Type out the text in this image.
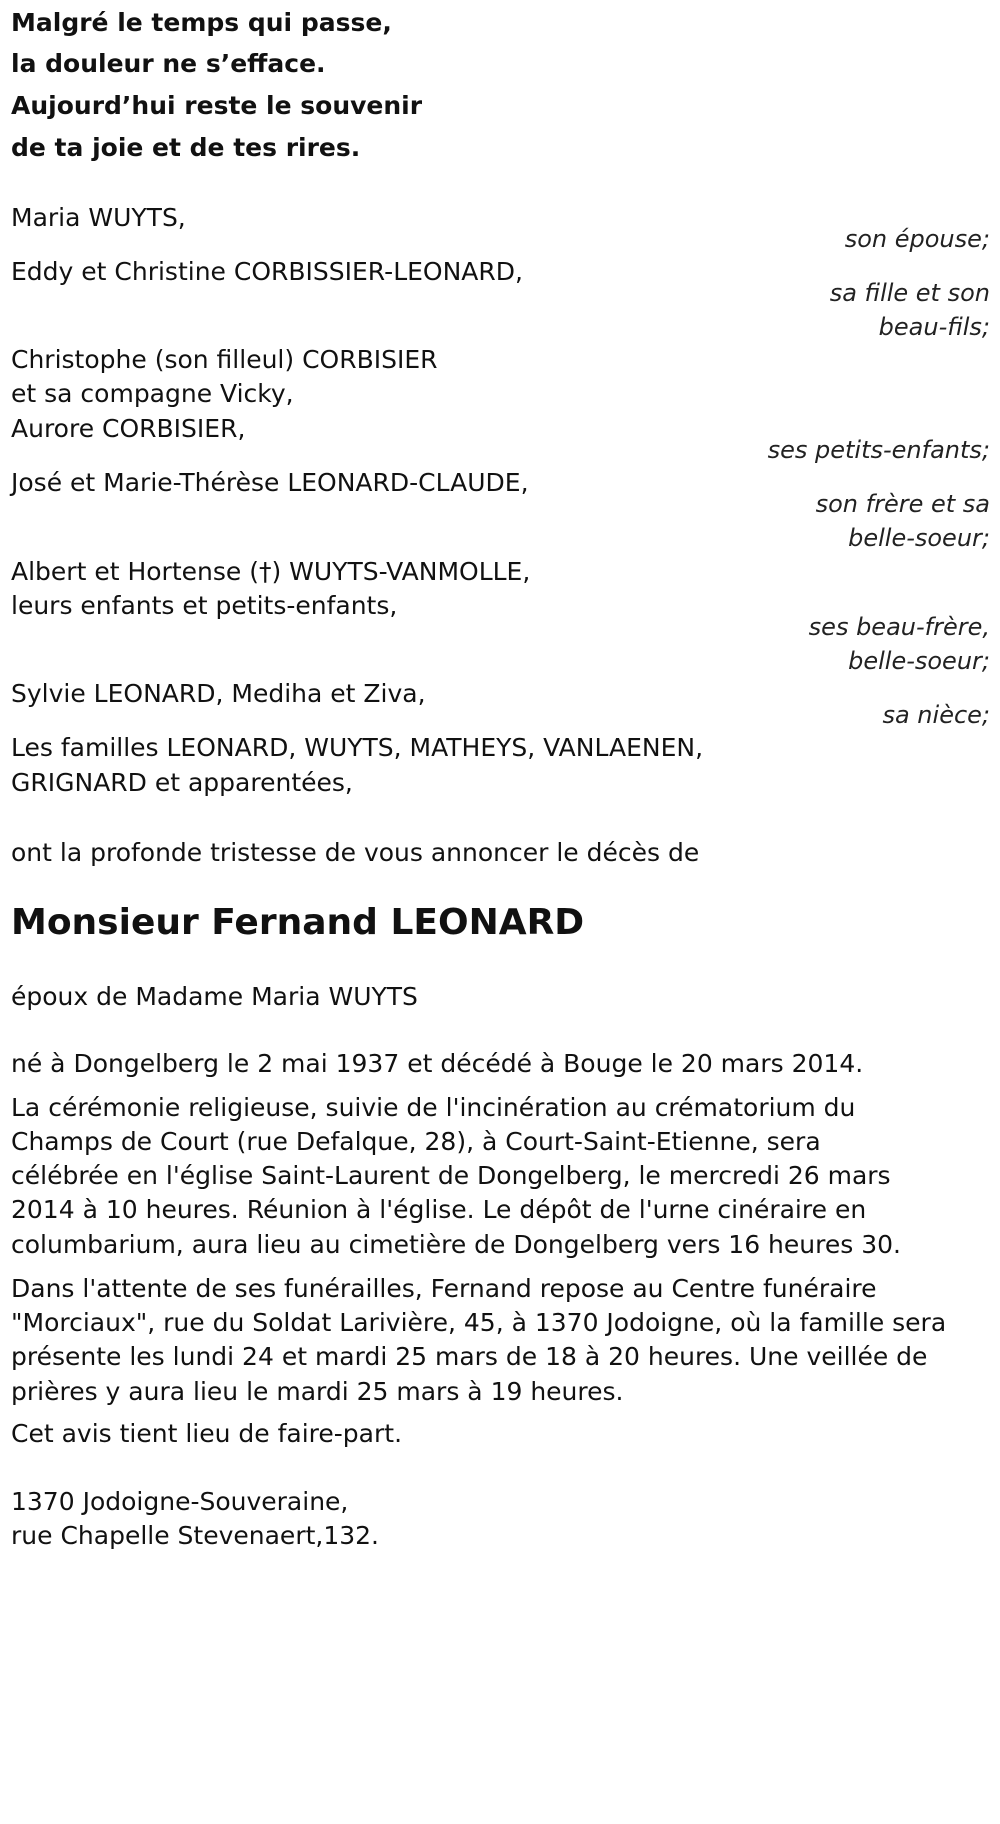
Malgré le temps qui passe,
la douleur ne s’efface.
Aujourd’hui reste le souvenir
de ta joie et de tes rires.
Maria WUYTS,
Eddy et Christine CORBISSIER-LEONARD,
Christophe (son filleul) CORBISIER
et sa compagne Vicky,
Aurore CORBISIER,
José et Marie-Thérèse LEONARD-CLAUDE,
Albert et Hortense (†) WUYTS-VANMOLLE,
leurs enfants et petits-enfants,
Sylvie LEONARD, Mediha et Ziva,
Les familles LEONARD, WUYTS, MATHEYS, VANLAENEN,
GRIGNARD et apparentées,
son épouse;
sa fille et son
beau-fils;
ses petits-enfants;
son frère et sa
belle-soeur;
ses beau-frère,
belle-soeur;
sa nièce;
ont la profonde tristesse de vous annoncer le décès de
Monsieur Fernand LEONARD
époux de Madame Maria WUYTS
né à Dongelberg le 2 mai 1937 et décédé à Bouge le 20 mars 2014.
La cérémonie religieuse, suivie de l'incinération au crématorium du
Champs de Court (rue Defalque, 28), à Court-Saint-Etienne, sera
célébrée en l'église Saint-Laurent de Dongelberg, le mercredi 26 mars
2014 à 10 heures. Réunion à l'église. Le dépôt de l'urne cinéraire en
columbarium, aura lieu au cimetière de Dongelberg vers 16 heures 30.
Dans l'attente de ses funérailles, Fernand repose au Centre funéraire
"Morciaux", rue du Soldat Larivière, 45, à 1370 Jodoigne, où la famille sera
présente les lundi 24 et mardi 25 mars de 18 à 20 heures. Une veillée de
prières y aura lieu le mardi 25 mars à 19 heures.
Cet avis tient lieu de faire-part.
1370 Jodoigne-Souveraine,
rue Chapelle Stevenaert,132.
